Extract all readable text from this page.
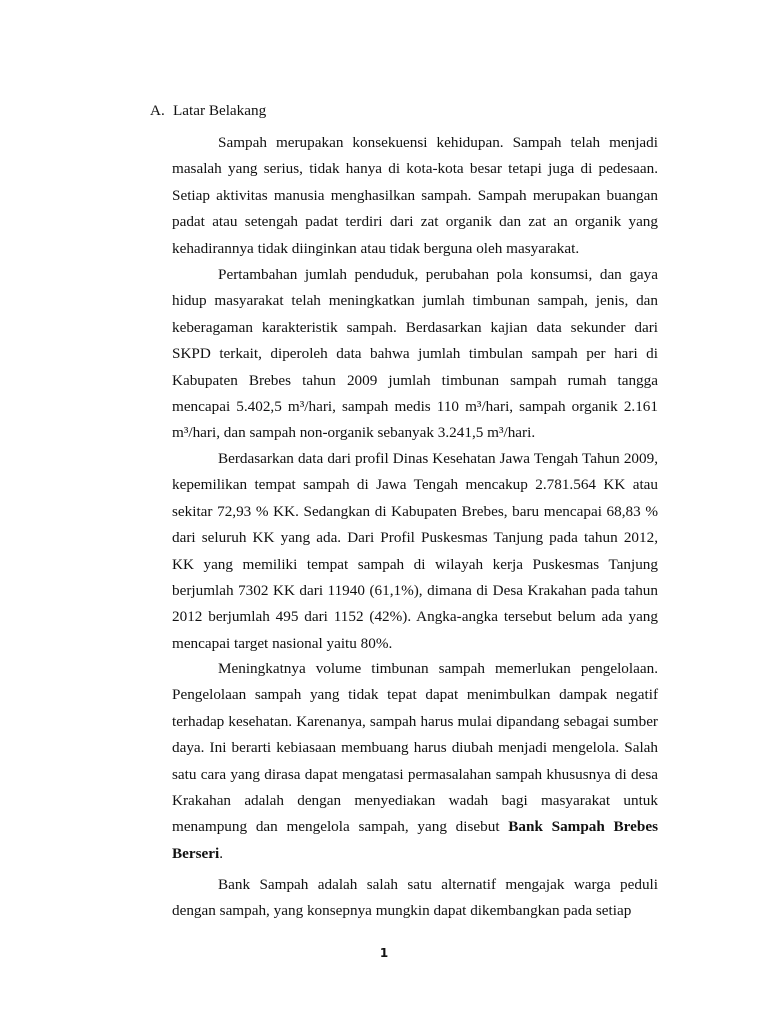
A. Latar Belakang

Sampah merupakan konsekuensi kehidupan. Sampah telah menjadi masalah yang serius, tidak hanya di kota-kota besar tetapi juga di pedesaan. Setiap aktivitas manusia menghasilkan sampah. Sampah merupakan buangan padat atau setengah padat terdiri dari zat organik dan zat an organik yang kehadirannya tidak diinginkan atau tidak berguna oleh masyarakat.

Pertambahan jumlah penduduk, perubahan pola konsumsi, dan gaya hidup masyarakat telah meningkatkan jumlah timbunan sampah, jenis, dan keberagaman karakteristik sampah. Berdasarkan kajian data sekunder dari SKPD terkait, diperoleh data bahwa jumlah timbulan sampah per hari di Kabupaten Brebes tahun 2009 jumlah timbunan sampah rumah tangga mencapai 5.402,5 m³/hari, sampah medis 110 m³/hari, sampah organik 2.161 m³/hari, dan sampah non-organik sebanyak 3.241,5 m³/hari.

Berdasarkan data dari profil Dinas Kesehatan Jawa Tengah Tahun 2009, kepemilikan tempat sampah di Jawa Tengah mencakup 2.781.564 KK atau sekitar 72,93 % KK. Sedangkan di Kabupaten Brebes, baru mencapai 68,83 % dari seluruh KK yang ada. Dari Profil Puskesmas Tanjung pada tahun 2012, KK yang memiliki tempat sampah di wilayah kerja Puskesmas Tanjung berjumlah 7302 KK dari 11940 (61,1%), dimana di Desa Krakahan pada tahun 2012 berjumlah 495 dari 1152 (42%). Angka-angka tersebut belum ada yang mencapai target nasional yaitu 80%.

Meningkatnya volume timbunan sampah memerlukan pengelolaan. Pengelolaan sampah yang tidak tepat dapat menimbulkan dampak negatif terhadap kesehatan. Karenanya, sampah harus mulai dipandang sebagai sumber daya. Ini berarti kebiasaan membuang harus diubah menjadi mengelola. Salah satu cara yang dirasa dapat mengatasi permasalahan sampah khususnya di desa Krakahan adalah dengan menyediakan wadah bagi masyarakat untuk menampung dan mengelola sampah, yang disebut Bank Sampah Brebes Berseri.

Bank Sampah adalah salah satu alternatif mengajak warga peduli dengan sampah, yang konsepnya mungkin dapat dikembangkan pada setiap

1
